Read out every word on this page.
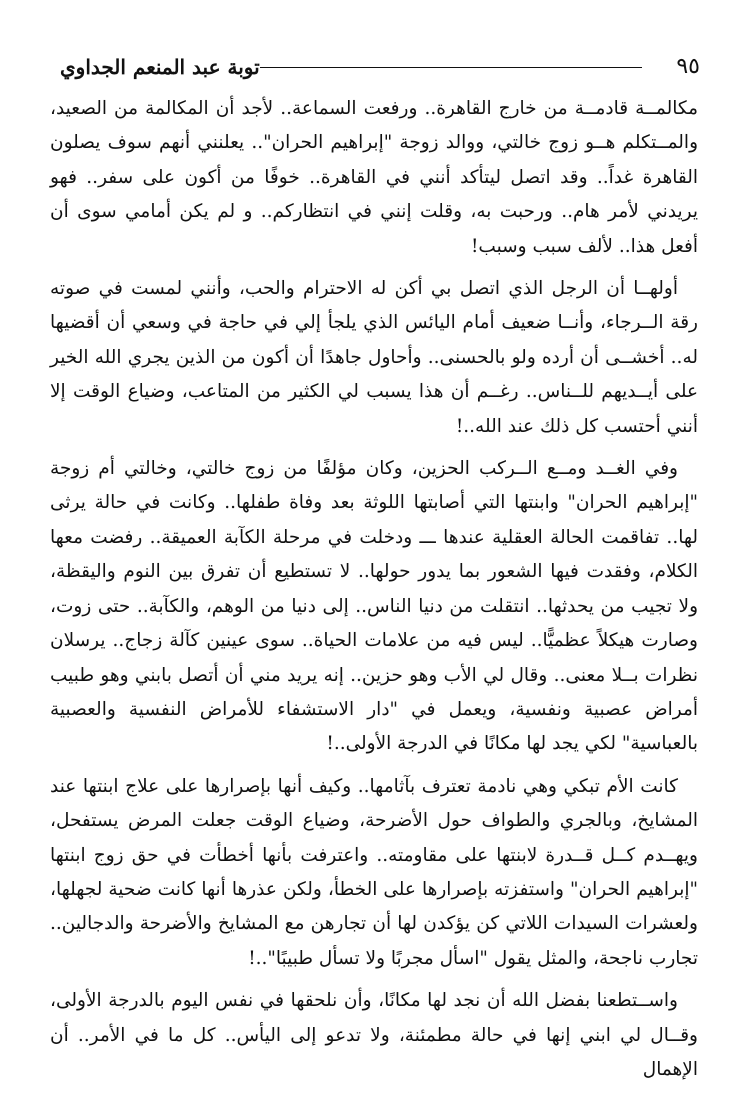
٩٥
توبة عبد المنعم الجداوي

مكالمــة قادمــة من خارج القاهرة.. ورفعت السماعة.. لأجد أن المكالمة من الصعيد، والمــتكلم هــو زوج خالتي، ووالد زوجة "إبراهيم الحران".. يعلنني أنهم سوف يصلون القاهرة غداً.. وقد اتصل ليتأكد أنني في القاهرة.. خوفًا من أكون على سفر.. فهو يريدني لأمر هام.. ورحبت به، وقلت إنني في انتظاركم.. و لم يكن أمامي سوى أن أفعل هذا.. لألف سبب وسبب!

أولهــا أن الرجل الذي اتصل بي أكن له الاحترام والحب، وأنني لمست في صوته رقة الــرجاء، وأنــا ضعيف أمام اليائس الذي يلجأ إلي في حاجة في وسعي أن أقضيها له.. أخشــى أن أرده ولو بالحسنى.. وأحاول جاهدًا أن أكون من الذين يجري الله الخير على أيــديهم للــناس.. رغــم أن هذا يسبب لي الكثير من المتاعب، وضياع الوقت إلا أنني أحتسب كل ذلك عند الله..!

وفي الغــد ومــع الــركب الحزين، وكان مؤلفًا من زوج خالتي، وخالتي أم زوجة "إبراهيم الحران" وابنتها التي أصابتها اللوثة بعد وفاة طفلها.. وكانت في حالة يرثى لها.. تفاقمت الحالة العقلية عندها ـــ ودخلت في مرحلة الكآبة العميقة.. رفضت معها الكلام، وفقدت فيها الشعور بما يدور حولها.. لا تستطيع أن تفرق بين النوم واليقظة، ولا تجيب من يحدثها.. انتقلت من دنيا الناس.. إلى دنيا من الوهم، والكآبة.. حتى زوت، وصارت هيكلاً عظميًّا.. ليس فيه من علامات الحياة.. سوى عينين كآلة زجاج.. يرسلان نظرات بــلا معنى.. وقال لي الأب وهو حزين.. إنه يريد مني أن أتصل بابني وهو طبيب أمراض عصبية ونفسية، ويعمل في "دار الاستشفاء للأمراض النفسية والعصبية بالعباسية" لكي يجد لها مكانًا في الدرجة الأولى..!

كانت الأم تبكي وهي نادمة تعترف بآثامها.. وكيف أنها بإصرارها على علاج ابنتها عند المشايخ، وبالجري والطواف حول الأضرحة، وضياع الوقت جعلت المرض يستفحل، ويهــدم كــل قــدرة لابنتها على مقاومته.. واعترفت بأنها أخطأت في حق زوج ابنتها "إبراهيم الحران" واستفزته بإصرارها على الخطأ، ولكن عذرها أنها كانت ضحية لجهلها، ولعشرات السيدات اللاتي كن يؤكدن لها أن تجارهن مع المشايخ والأضرحة والدجالين.. تجارب ناجحة، والمثل يقول "اسأل مجربًا ولا تسأل طبيبًا"..!

واســتطعنا بفضل الله أن نجد لها مكانًا، وأن نلحقها في نفس اليوم بالدرجة الأولى، وقــال لي ابني إنها في حالة مطمئنة، ولا تدعو إلى اليأس.. كل ما في الأمر.. أن الإهمال
